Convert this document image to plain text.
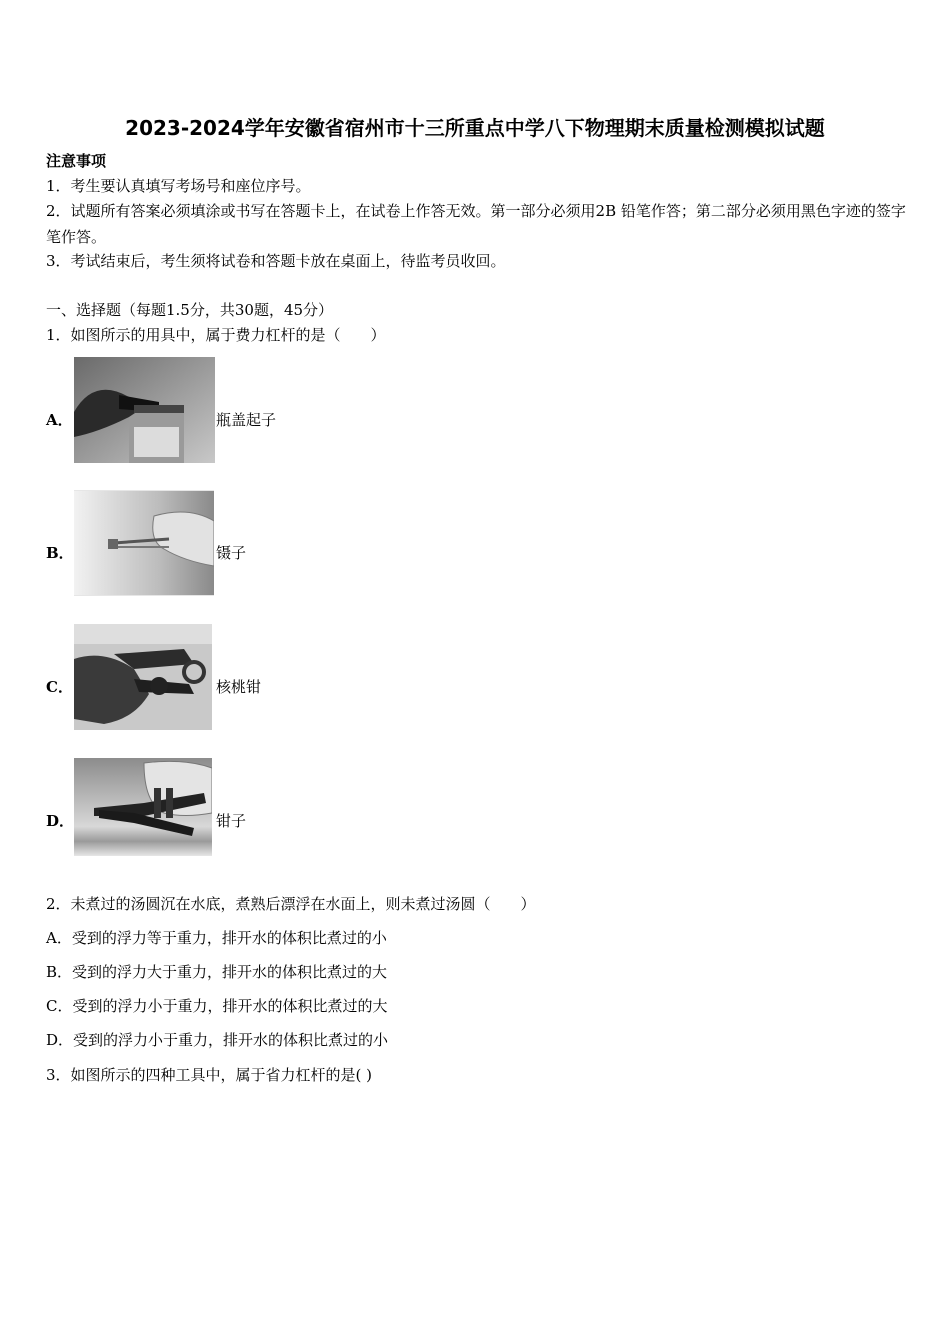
2023-2024学年安徽省宿州市十三所重点中学八下物理期末质量检测模拟试题
注意事项
1．考生要认真填写考场号和座位序号。
2．试题所有答案必须填涂或书写在答题卡上，在试卷上作答无效。第一部分必须用2B 铅笔作答；第二部分必须用黑色字迹的签字笔作答。
3．考试结束后，考生须将试卷和答题卡放在桌面上，待监考员收回。
一、选择题（每题1.5分，共30题，45分）
1．如图所示的用具中，属于费力杠杆的是（　　）
A．	瓶盖起子
B．	镊子
C．	核桃钳
D．	钳子
2．未煮过的汤圆沉在水底，煮熟后漂浮在水面上，则未煮过汤圆（　　）
A．受到的浮力等于重力，排开水的体积比煮过的小
B．受到的浮力大于重力，排开水的体积比煮过的大
C．受到的浮力小于重力，排开水的体积比煮过的大
D．受到的浮力小于重力，排开水的体积比煮过的小
3．如图所示的四种工具中，属于省力杠杆的是( )
